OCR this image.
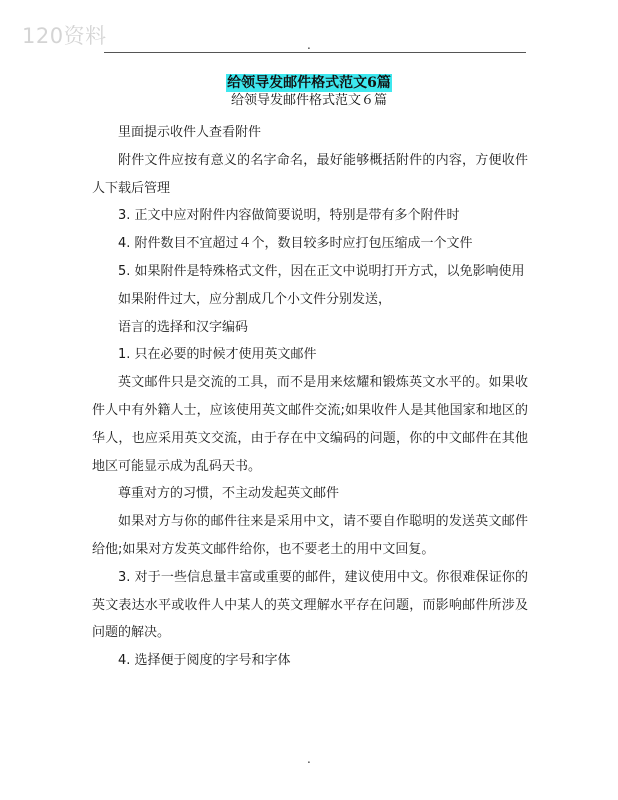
120资料	.
给领导发邮件格式范文6篇
给领导发邮件格式范文６篇

里面提示收件人查看附件

附件文件应按有意义的名字命名，最好能够概括附件的内容，方便收件人下载后管理

3. 正文中应对附件内容做简要说明，特别是带有多个附件时

4. 附件数目不宜超过４个，数目较多时应打包压缩成一个文件

5. 如果附件是特殊格式文件，因在正文中说明打开方式，以免影响使用

如果附件过大，应分割成几个小文件分别发送，

语言的选择和汉字编码

1. 只在必要的时候才使用英文邮件

英文邮件只是交流的工具，而不是用来炫耀和锻炼英文水平的。如果收件人中有外籍人士，应该使用英文邮件交流;如果收件人是其他国家和地区的华人，也应采用英文交流，由于存在中文编码的问题，你的中文邮件在其他地区可能显示成为乱码天书。

尊重对方的习惯，不主动发起英文邮件

如果对方与你的邮件往来是采用中文，请不要自作聪明的发送英文邮件给他;如果对方发英文邮件给你，也不要老土的用中文回复。

3. 对于一些信息量丰富或重要的邮件，建议使用中文。你很难保证你的英文表达水平或收件人中某人的英文理解水平存在问题，而影响邮件所涉及问题的解决。

4. 选择便于阅度的字号和字体

.
